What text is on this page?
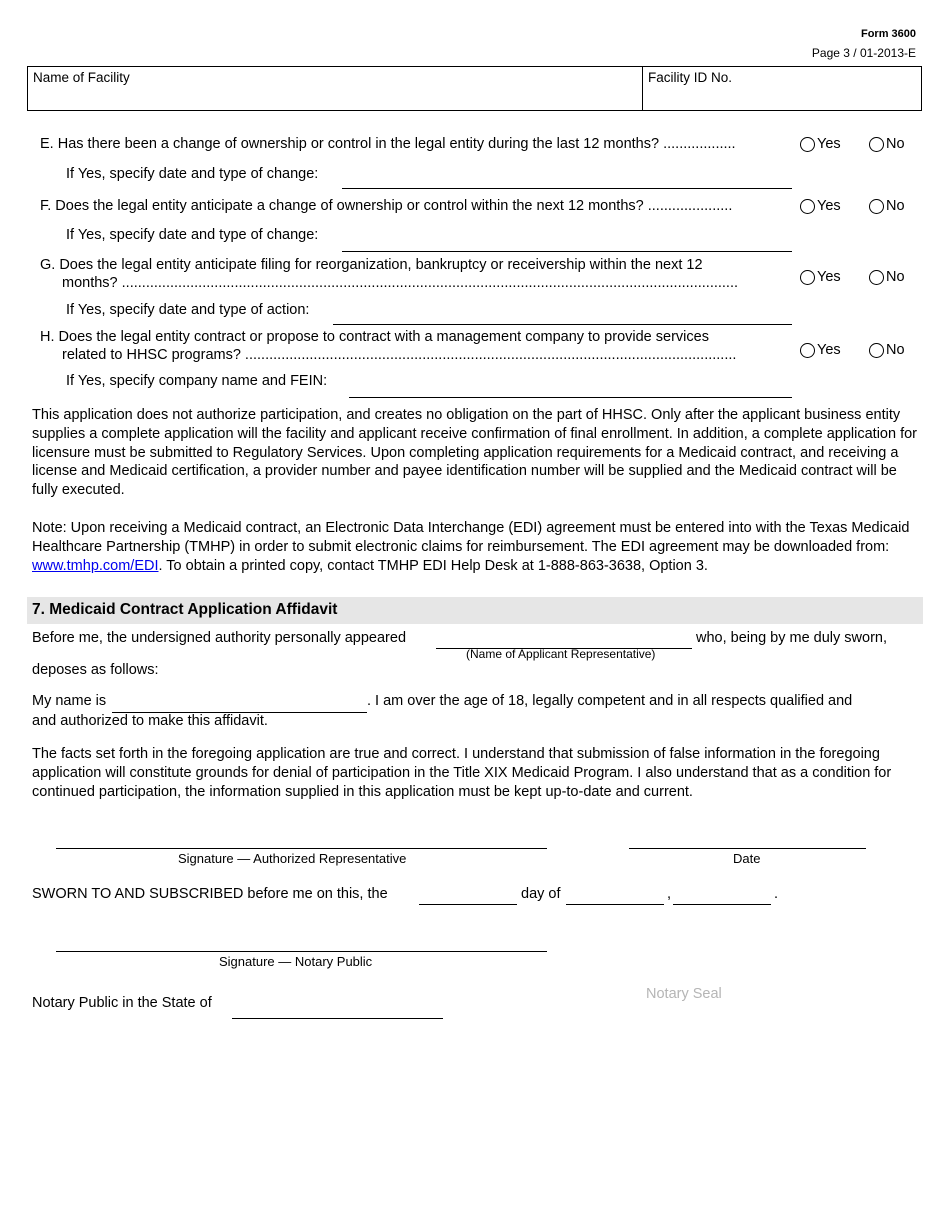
Form 3600
Page 3 / 01-2013-E
Name of Facility	Facility ID No.
E. Has there been a change of ownership or control in the legal entity during the last 12 months? ..................	Yes	No
If Yes, specify date and type of change:
F. Does the legal entity anticipate a change of ownership or control within the next 12 months? .....................	Yes	No
If Yes, specify date and type of change:
G. Does the legal entity anticipate filing for reorganization, bankruptcy or receivership within the next 12
months? .........................................................................................................................................................	Yes	No
If Yes, specify date and type of action:
H. Does the legal entity contract or propose to contract with a management company to provide services
related to HHSC programs? ..........................................................................................................................	Yes	No
If Yes, specify company name and FEIN:
This application does not authorize participation, and creates no obligation on the part of HHSC. Only after the applicant business entity supplies a complete application will the facility and applicant receive confirmation of final enrollment. In addition, a complete application for licensure must be submitted to Regulatory Services. Upon completing application requirements for a Medicaid contract, and receiving a license and Medicaid certification, a provider number and payee identification number will be supplied and the Medicaid contract will be fully executed.
Note: Upon receiving a Medicaid contract, an Electronic Data Interchange (EDI) agreement must be entered into with the Texas Medicaid Healthcare Partnership (TMHP) in order to submit electronic claims for reimbursement. The EDI agreement may be downloaded from: www.tmhp.com/EDI. To obtain a printed copy, contact TMHP EDI Help Desk at 1-888-863-3638, Option 3.
7. Medicaid Contract Application Affidavit
Before me, the undersigned authority personally appeared
(Name of Applicant Representative)
who, being by me duly sworn,
deposes as follows:
My name is	. I am over the age of 18, legally competent and in all respects qualified and
and authorized to make this affidavit.
The facts set forth in the foregoing application are true and correct. I understand that submission of false information in the foregoing application will constitute grounds for denial of participation in the Title XIX Medicaid Program. I also understand that as a condition for continued participation, the information supplied in this application must be kept up-to-date and current.
Signature — Authorized Representative	Date
SWORN TO AND SUBSCRIBED before me on this, the	day of	,	.
Signature — Notary Public
Notary Public in the State of
Notary Seal
